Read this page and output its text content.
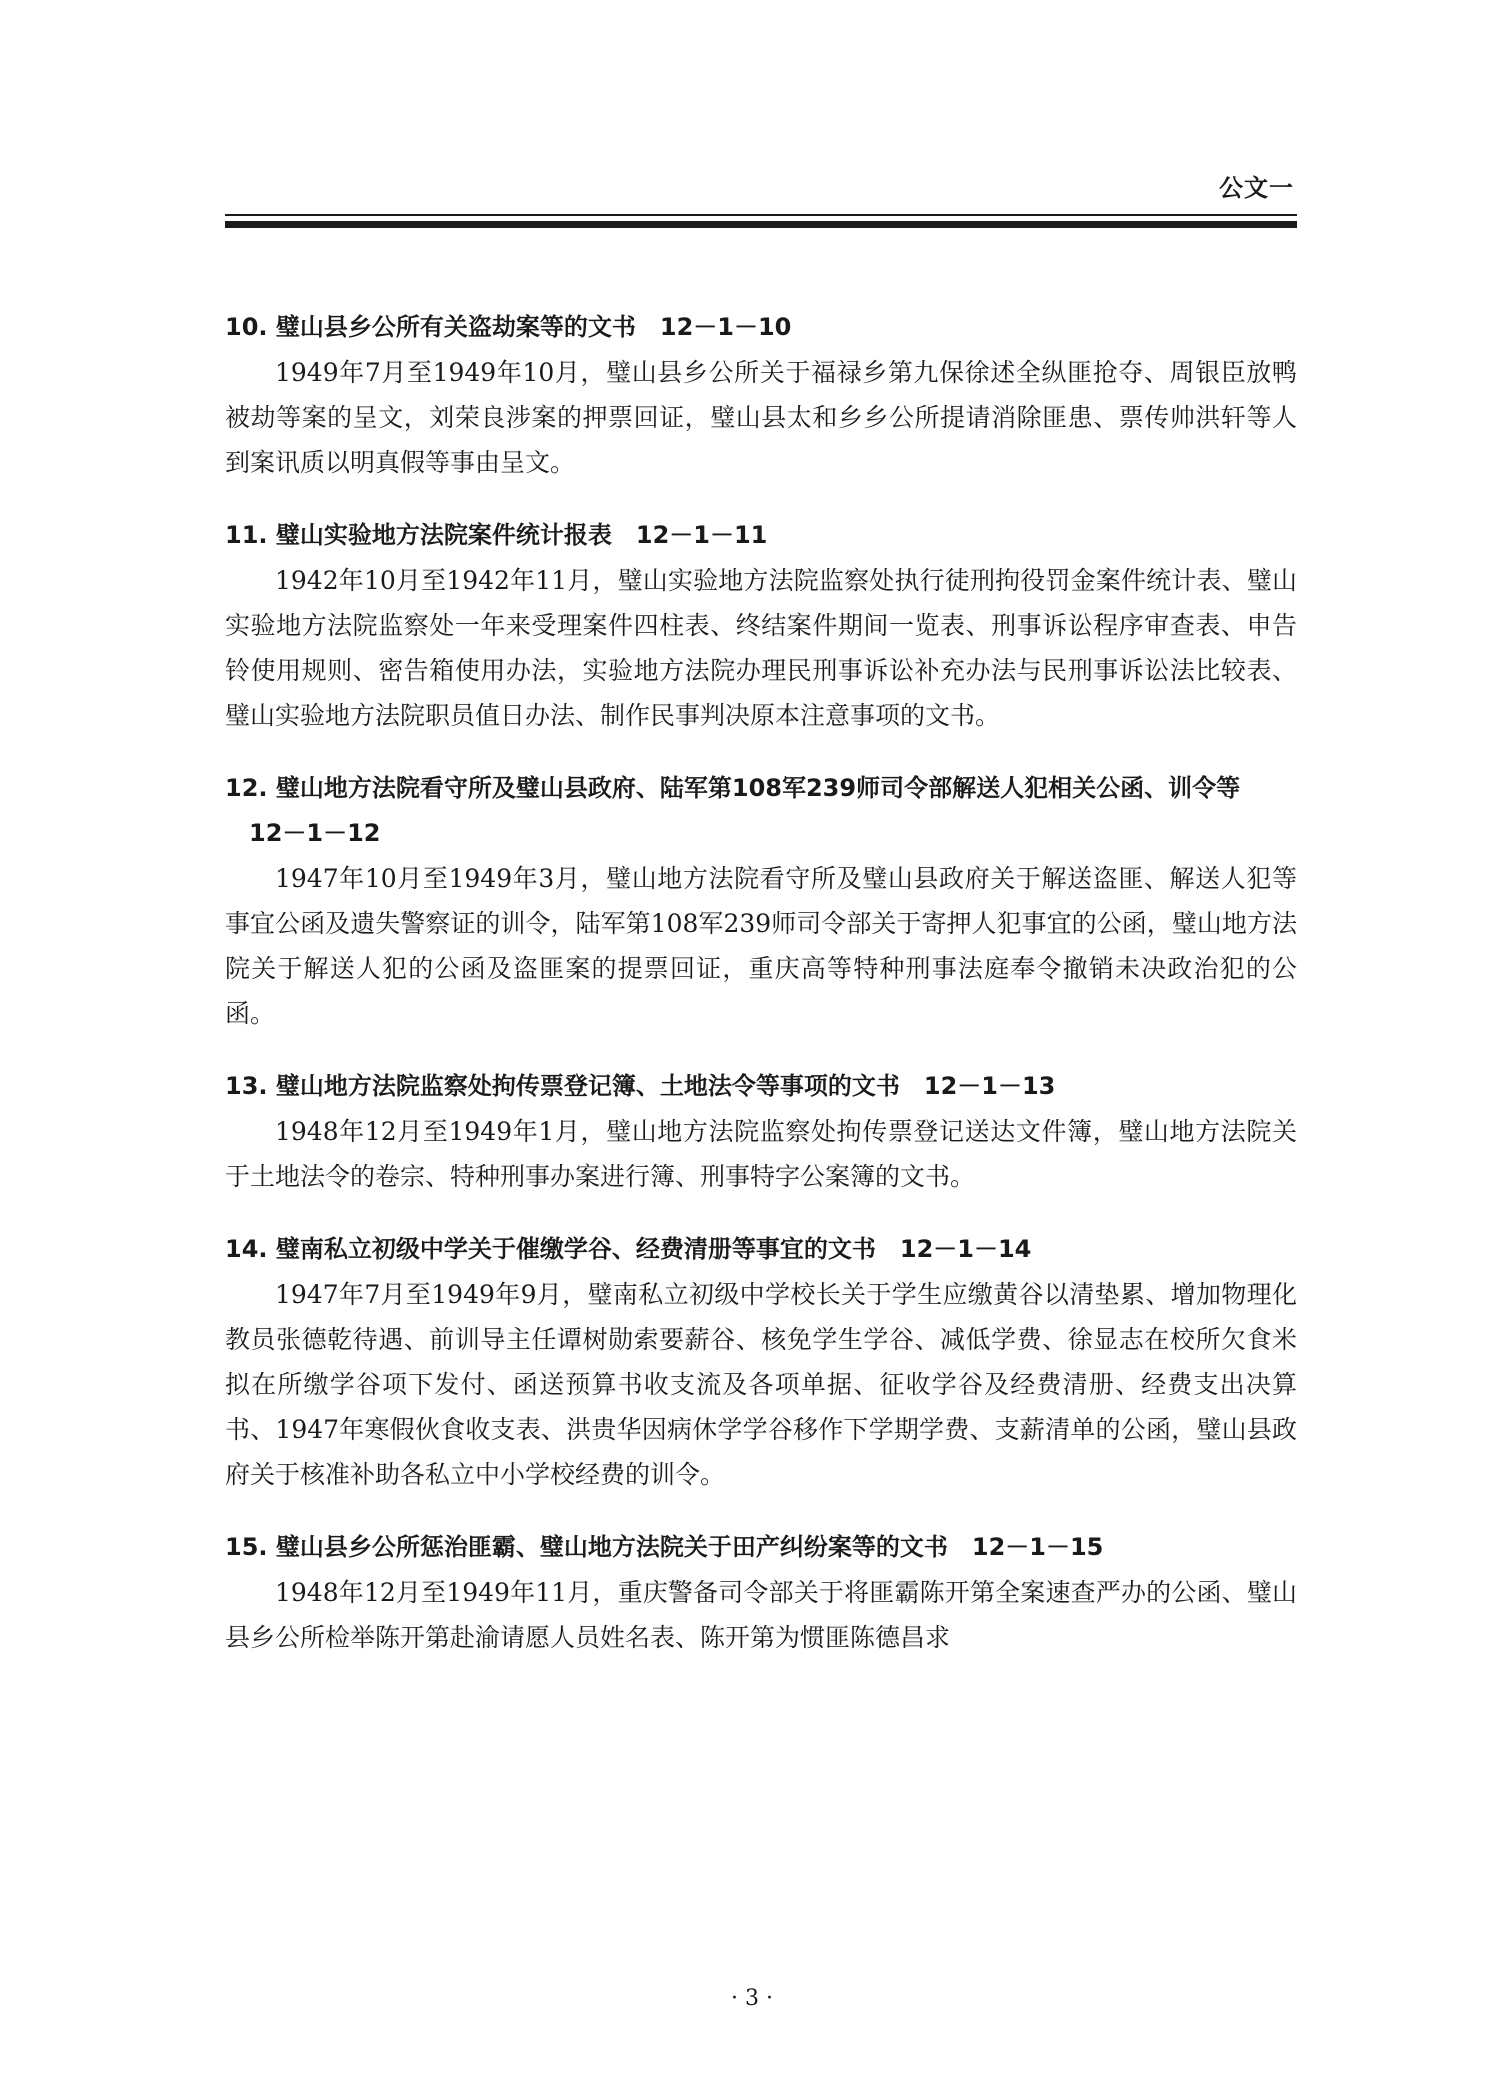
公文一

10. 璧山县乡公所有关盗劫案等的文书 12－1－10

1949年7月至1949年10月，璧山县乡公所关于福禄乡第九保徐述全纵匪抢夺、周银臣放鸭被劫等案的呈文，刘荣良涉案的押票回证，璧山县太和乡乡公所提请消除匪患、票传帅洪轩等人到案讯质以明真假等事由呈文。

11. 璧山实验地方法院案件统计报表 12－1－11

1942年10月至1942年11月，璧山实验地方法院监察处执行徒刑拘役罚金案件统计表、璧山实验地方法院监察处一年来受理案件四柱表、终结案件期间一览表、刑事诉讼程序审查表、申告铃使用规则、密告箱使用办法，实验地方法院办理民刑事诉讼补充办法与民刑事诉讼法比较表、璧山实验地方法院职员值日办法、制作民事判决原本注意事项的文书。

12. 璧山地方法院看守所及璧山县政府、陆军第108军239师司令部解送人犯相关公函、训令等12－1－12

1947年10月至1949年3月，璧山地方法院看守所及璧山县政府关于解送盗匪、解送人犯等事宜公函及遗失警察证的训令，陆军第108军239师司令部关于寄押人犯事宜的公函，璧山地方法院关于解送人犯的公函及盗匪案的提票回证，重庆高等特种刑事法庭奉令撤销未决政治犯的公函。

13. 璧山地方法院监察处拘传票登记簿、土地法令等事项的文书 12－1－13

1948年12月至1949年1月，璧山地方法院监察处拘传票登记送达文件簿，璧山地方法院关于土地法令的卷宗、特种刑事办案进行簿、刑事特字公案簿的文书。

14. 璧南私立初级中学关于催缴学谷、经费清册等事宜的文书 12－1－14

1947年7月至1949年9月，璧南私立初级中学校长关于学生应缴黄谷以清垫累、增加物理化教员张德乾待遇、前训导主任谭树勋索要薪谷、核免学生学谷、减低学费、徐显志在校所欠食米拟在所缴学谷项下发付、函送预算书收支流及各项单据、征收学谷及经费清册、经费支出决算书、1947年寒假伙食收支表、洪贵华因病休学学谷移作下学期学费、支薪清单的公函，璧山县政府关于核准补助各私立中小学校经费的训令。

15. 璧山县乡公所惩治匪霸、璧山地方法院关于田产纠纷案等的文书 12－1－15

1948年12月至1949年11月，重庆警备司令部关于将匪霸陈开第全案速查严办的公函、璧山县乡公所检举陈开第赴渝请愿人员姓名表、陈开第为惯匪陈德昌求

· 3 ·
